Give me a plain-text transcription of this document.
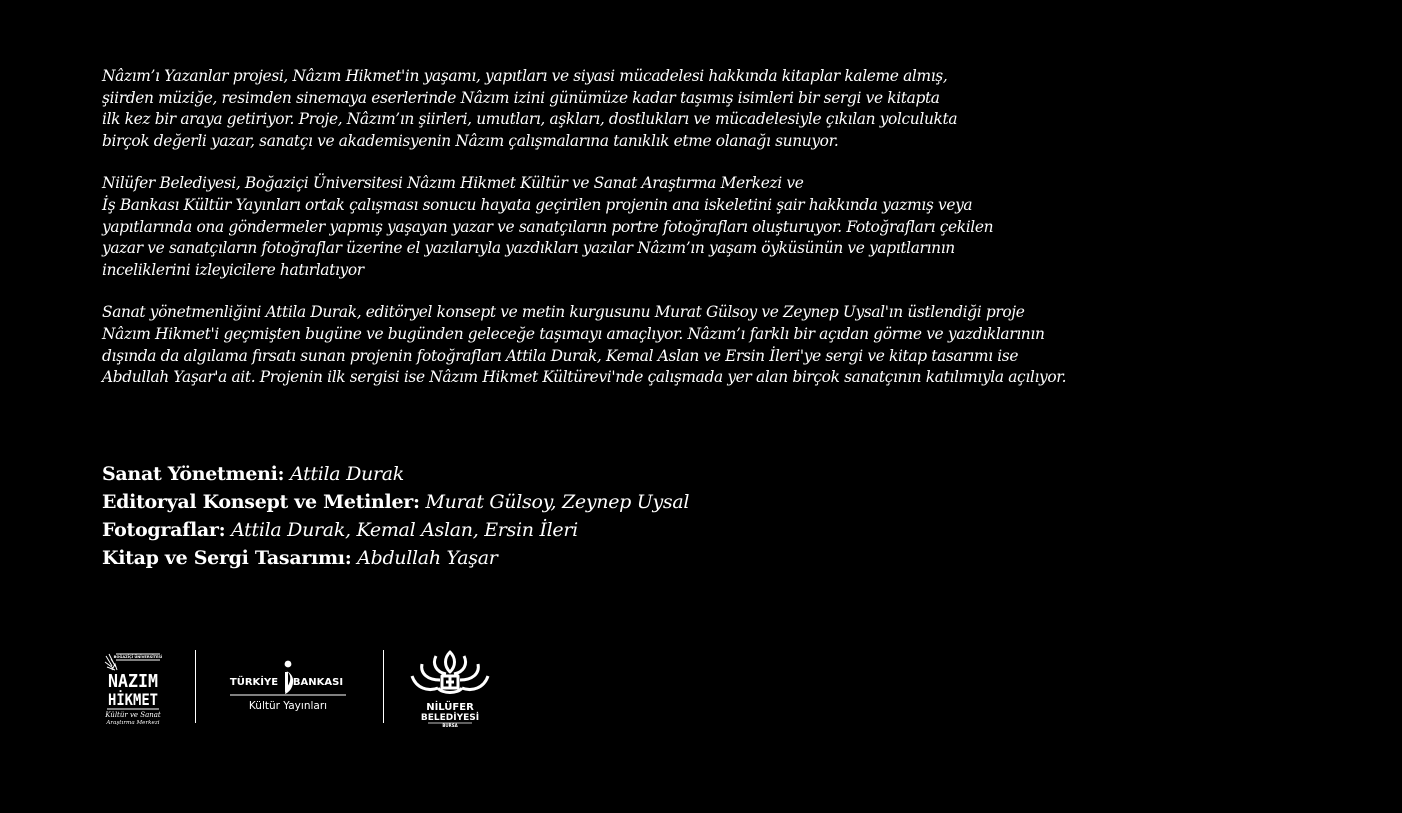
Nâzım’ı Yazanlar projesi, Nâzım Hikmet'in yaşamı, yapıtları ve siyasi mücadelesi hakkında kitaplar kaleme almış,
şiirden müziğe, resimden sinemaya eserlerinde Nâzım izini günümüze kadar taşımış isimleri bir sergi ve kitapta
ilk kez bir araya getiriyor. Proje, Nâzım’ın şiirleri, umutları, aşkları, dostlukları ve mücadelesiyle çıkılan yolculukta
birçok değerli yazar, sanatçı ve akademisyenin Nâzım çalışmalarına tanıklık etme olanağı sunuyor.

Nilüfer Belediyesi, Boğaziçi Üniversitesi Nâzım Hikmet Kültür ve Sanat Araştırma Merkezi ve
İş Bankası Kültür Yayınları ortak çalışması sonucu hayata geçirilen projenin ana iskeletini şair hakkında yazmış veya
yapıtlarında ona göndermeler yapmış yaşayan yazar ve sanatçıların portre fotoğrafları oluşturuyor. Fotoğrafları çekilen
yazar ve sanatçıların fotoğraflar üzerine el yazılarıyla yazdıkları yazılar Nâzım’ın yaşam öyküsünün ve yapıtlarının
inceliklerini izleyicilere hatırlatıyor

Sanat yönetmenliğini Attila Durak, editöryel konsept ve metin kurgusunu Murat Gülsoy ve Zeynep Uysal'ın üstlendiği proje
Nâzım Hikmet'i geçmişten bugüne ve bugünden geleceğe taşımayı amaçlıyor. Nâzım’ı farklı bir açıdan görme ve yazdıklarının
dışında da algılama fırsatı sunan projenin fotoğrafları Attila Durak, Kemal Aslan ve Ersin İleri'ye sergi ve kitap tasarımı ise
Abdullah Yaşar'a ait. Projenin ilk sergisi ise Nâzım Hikmet Kültürevi'nde çalışmada yer alan birçok sanatçının katılımıyla açılıyor.

Sanat Yönetmeni: Attila Durak
Editoryal Konsept ve Metinler: Murat Gülsoy, Zeynep Uysal
Fotograflar: Attila Durak, Kemal Aslan, Ersin İleri
Kitap ve Sergi Tasarımı: Abdullah Yaşar
BOĞAZİÇİ ÜNİVERSİTESİ
NAZIM
HİKMET
Kültür ve Sanat
Araştırma Merkezi
TÜRKİYE BANKASI
Kültür Yayınları	NİLÜFER
BELEDİYESİ
BURSA
